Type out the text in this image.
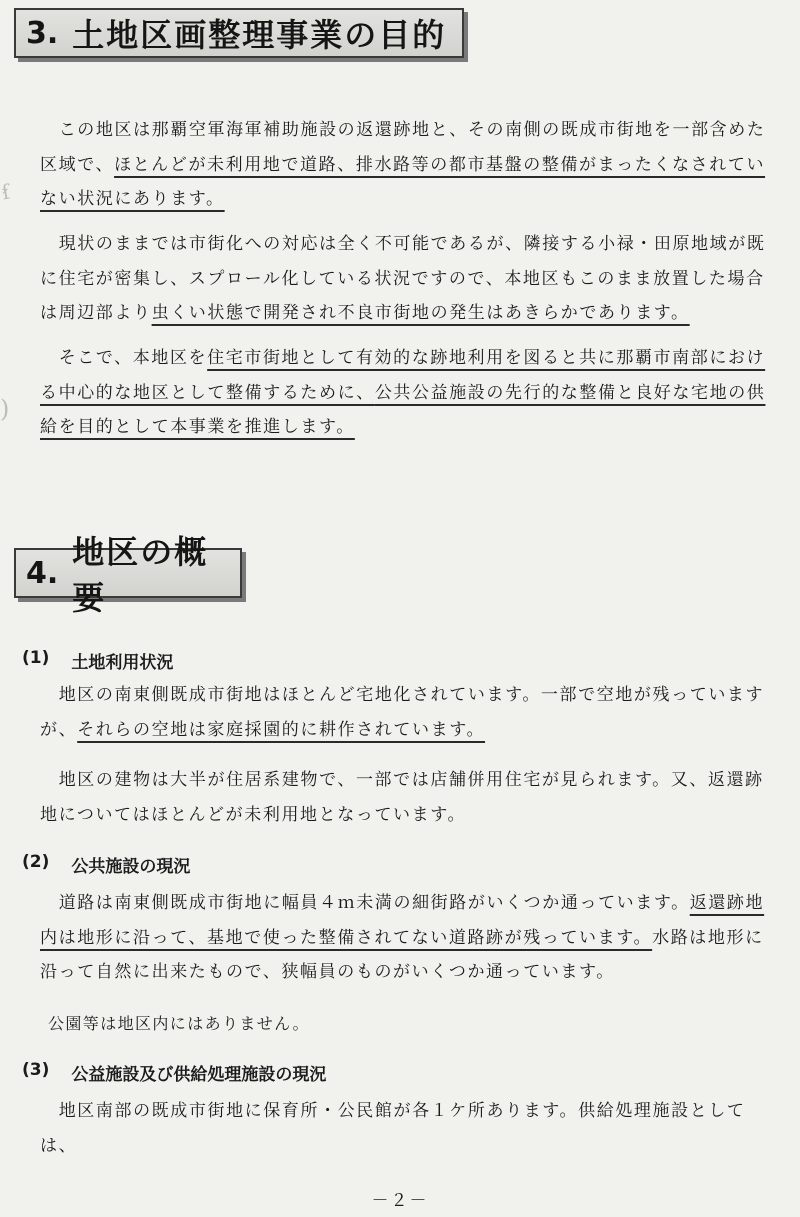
ẜ
)
3. 土地区画整理事業の目的

この地区は那覇空軍海軍補助施設の返還跡地と、その南側の既成市街地を一部含めた区域で、ほとんどが未利用地で道路、排水路等の都市基盤の整備がまったくなされていない状況にあります。

現状のままでは市街化への対応は全く不可能であるが、隣接する小禄・田原地域が既に住宅が密集し、スプロール化している状況ですので、本地区もこのまま放置した場合は周辺部より虫くい状態で開発され不良市街地の発生はあきらかであります。

そこで、本地区を住宅市街地として有効的な跡地利用を図ると共に那覇市南部における中心的な地区として整備するために、公共公益施設の先行的な整備と良好な宅地の供給を目的として本事業を推進します。

4.
地区の概要
(1) 土地利用状況

地区の南東側既成市街地はほとんど宅地化されています。一部で空地が残っていますが、それらの空地は家庭採園的に耕作されています。

地区の建物は大半が住居系建物で、一部では店舗併用住宅が見られます。又、返還跡地についてはほとんどが未利用地となっています。

(2) 公共施設の現況

道路は南東側既成市街地に幅員４ｍ未満の細街路がいくつか通っています。返還跡地内は地形に沿って、基地で使った整備されてない道路跡が残っています。水路は地形に沿って自然に出来たもので、狭幅員のものがいくつか通っています。

公園等は地区内にはありません。

(3) 公益施設及び供給処理施設の現況

地区南部の既成市街地に保育所・公民館が各１ケ所あります。供給処理施設としては、

－２－
